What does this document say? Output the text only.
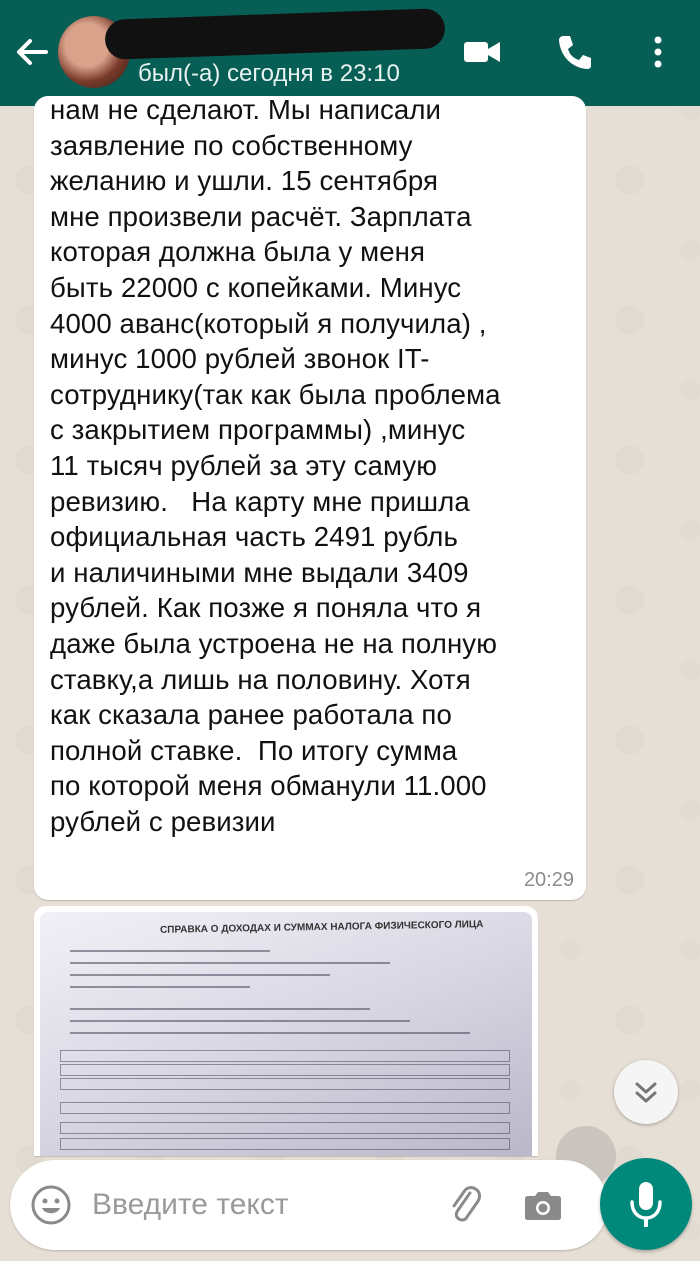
был(-а) сегодня в 23:10
нам не сделают. Мы написали
заявление по собственному
желанию и ушли. 15 сентября
мне произвели расчёт. Зарплата
которая должна была у меня
быть 22000 с копейками. Минус
4000 аванс(который я получила) ,
минус 1000 рублей звонок IT-
сотруднику(так как была проблема
с закрытием программы) ,минус
11 тысяч рублей за эту самую
ревизию.   На карту мне пришла
официальная часть 2491 рубль
и наличиными мне выдали 3409
рублей. Как позже я поняла что я
даже была устроена не на полную
ставку,а лишь на половину. Хотя
как сказала ранее работала по
полной ставке.  По итогу сумма
по которой меня обманули 11.000
рублей с ревизии
20:29
СПРАВКА О ДОХОДАХ И СУММАХ НАЛОГА ФИЗИЧЕСКОГО ЛИЦА
Введите текст
